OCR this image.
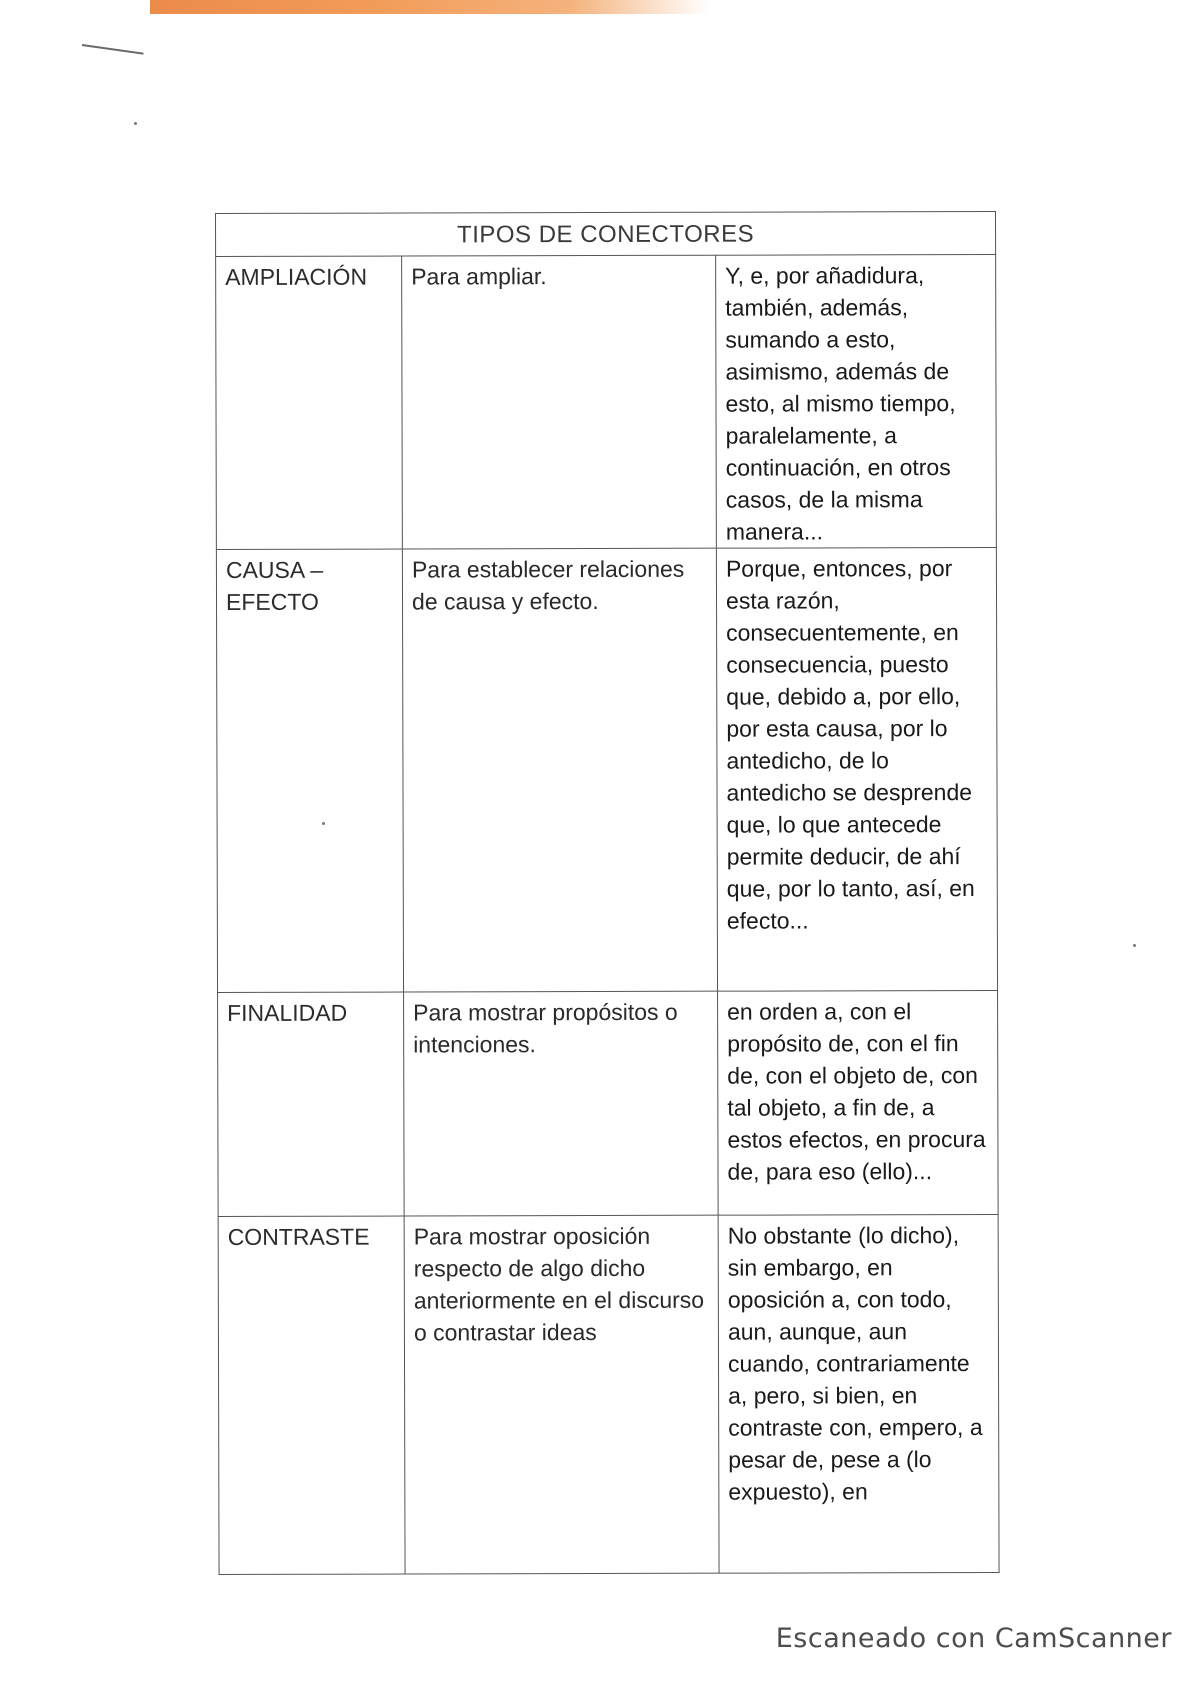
TIPOS DE CONECTORES		
AMPLIACIÓN	Para ampliar.	Y, e, por añadidura, también, además, sumando a esto, asimismo, además de esto, al mismo tiempo, paralelamente, a continuación, en otros casos, de la misma manera...
CAUSA – EFECTO	Para establecer relaciones de causa y efecto.	Porque, entonces, por esta razón, consecuentemente, en consecuencia, puesto que, debido a, por ello, por esta causa, por lo antedicho, de lo antedicho se desprende que, lo que antecede permite deducir, de ahí que, por lo tanto, así, en efecto...
FINALIDAD	Para mostrar propósitos o intenciones.	en orden a, con el propósito de, con el fin de, con el objeto de, con tal objeto, a fin de, a estos efectos, en procura de, para eso (ello)...
CONTRASTE	Para mostrar oposición respecto de algo dicho anteriormente en el discurso o contrastar ideas	No obstante (lo dicho), sin embargo, en oposición a, con todo, aun, aunque, aun cuando, contrariamente a, pero, si bien, en contraste con, empero, a pesar de, pese a (lo expuesto), en
Escaneado con CamScanner
